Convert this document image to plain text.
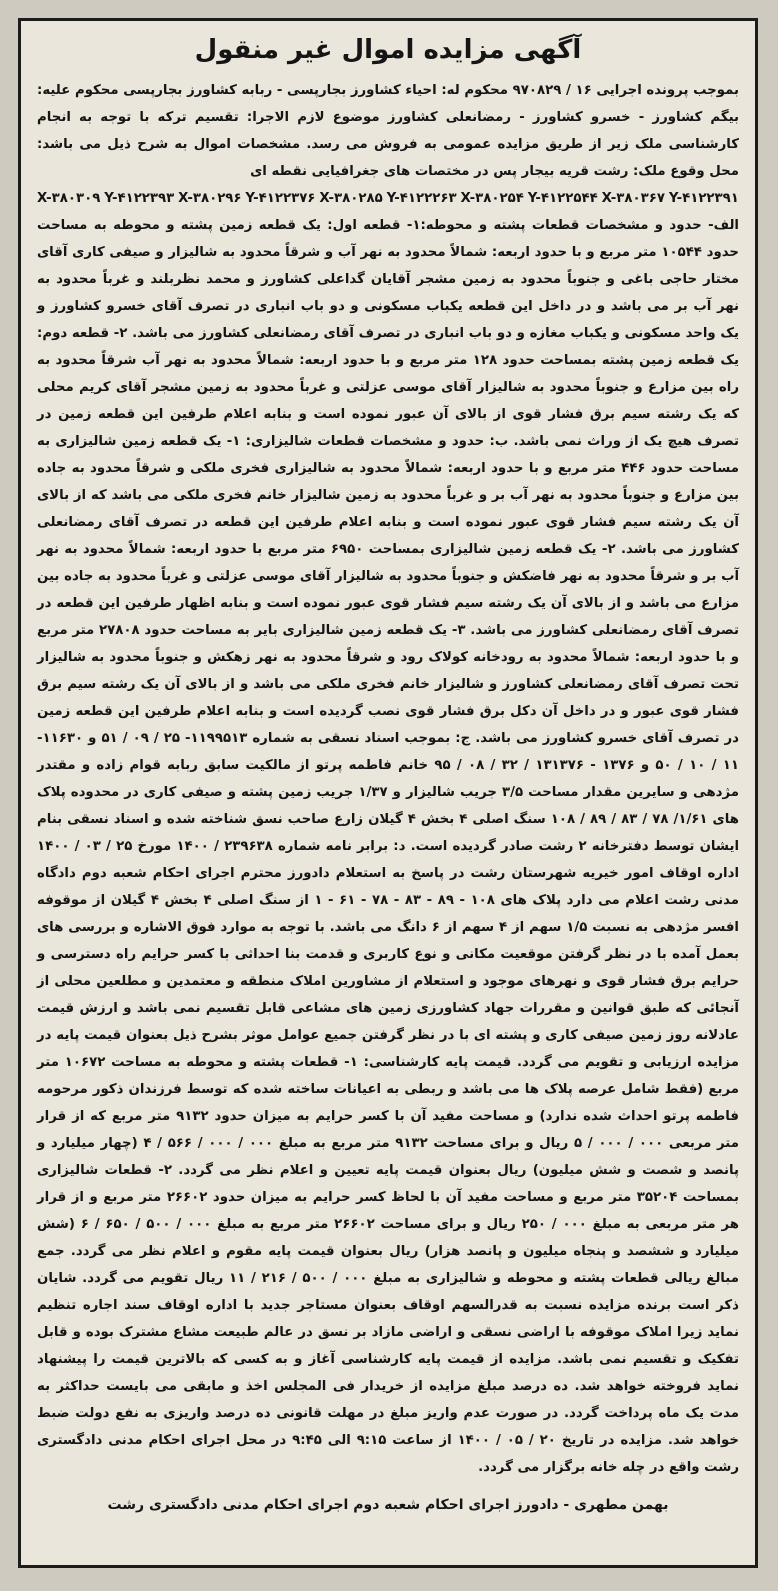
آگهی مزایده اموال غیر منقول

بموجب پرونده اجرایی ۱۶ / ۹۷۰۸۲۹ محکوم له: احیاء کشاورز بجارپسی - ربابه کشاورز بجارپسی محکوم علیه: بیگم کشاورز - خسرو کشاورز - رمضانعلی کشاورز موضوع لازم الاجرا: تقسیم ترکه با توجه به انجام کارشناسی ملک زیر از طریق مزایده عمومی به فروش می رسد. مشخصات اموال به شرح ذیل می باشد: محل وقوع ملک: رشت قریه بیجار پس در مختصات های جغرافیایی نقطه ای

X-۳۸۰۳۰۹ Y-۴۱۲۲۳۹۳ X-۳۸۰۲۹۶ Y-۴۱۲۲۳۷۶ X-۳۸۰۲۸۵ Y-۴۱۲۲۲۶۳ X-۳۸۰۲۵۴ Y-۴۱۲۲۵۴۴ X-۳۸۰۳۶۷ Y-۴۱۲۲۳۹۱

الف- حدود و مشخصات قطعات پشته و محوطه:۱- قطعه اول: یک قطعه زمین پشته و محوطه به مساحت حدود ۱۰۵۴۴ متر مربع و با حدود اربعه: شمالاً محدود به نهر آب و شرقاً محدود به شالیزار و صیفی کاری آقای مختار حاجی باغی و جنوباً محدود به زمین مشجر آقایان گداعلی کشاورز و محمد نظربلند و غرباً محدود به نهر آب بر می باشد و در داخل این قطعه یکباب مسکونی و دو باب انباری در تصرف آقای خسرو کشاورز و یک واحد مسکونی و یکباب مغازه و دو باب انباری در تصرف آقای رمضانعلی کشاورز می باشد. ۲- قطعه دوم: یک قطعه زمین پشته بمساحت حدود ۱۲۸ متر مربع و با حدود اربعه: شمالاً محدود به نهر آب شرقاً محدود به راه بین مزارع و جنوباً محدود به شالیزار آقای موسی عزلتی و غرباً محدود به زمین مشجر آقای کریم محلی که یک رشته سیم برق فشار قوی از بالای آن عبور نموده است و بنابه اعلام طرفین این قطعه زمین در تصرف هیچ یک از وراث نمی باشد. ب: حدود و مشخصات قطعات شالیزاری: ۱- یک قطعه زمین شالیزاری به مساحت حدود ۴۴۶ متر مربع و با حدود اربعه: شمالاً محدود به شالیزاری فخری ملکی و شرقاً محدود به جاده بین مزارع و جنوباً محدود به نهر آب بر و غرباً محدود به زمین شالیزار خانم فخری ملکی می باشد که از بالای آن یک رشته سیم فشار قوی عبور نموده است و بنابه اعلام طرفین این قطعه در تصرف آقای رمضانعلی کشاورز می باشد. ۲- یک قطعه زمین شالیزاری بمساحت ۶۹۵۰ متر مربع با حدود اربعه: شمالاً محدود به نهر آب بر و شرقاً محدود به نهر فاضکش و جنوباً محدود به شالیزار آقای موسی عزلتی و غرباً محدود به جاده بین مزارع می باشد و از بالای آن یک رشته سیم فشار قوی عبور نموده است و بنابه اظهار طرفین این قطعه در تصرف آقای رمضانعلی کشاورز می باشد. ۳- یک قطعه زمین شالیزاری بایر به مساحت حدود ۲۷۸۰۸ متر مربع و با حدود اربعه: شمالاً محدود به رودخانه کولاک رود و شرقاً محدود به نهر زهکش و جنوباً محدود به شالیزار تحت تصرف آقای رمضانعلی کشاورز و شالیزار خانم فخری ملکی می باشد و از بالای آن یک رشته سیم برق فشار قوی عبور و در داخل آن دکل برق فشار قوی نصب گردیده است و بنابه اعلام طرفین این قطعه زمین در تصرف آقای خسرو کشاورز می باشد. ج: بموجب اسناد نسقی به شماره ۱۱۹۹۵۱۳- ۲۵ / ۰۹ / ۵۱ و ۱۱۶۳۰- ۱۱ / ۱۰ / ۵۰ و ۱۳۷۶ - ۱۳۱۳۷۶ / ۳۲ / ۰۸ / ۹۵ خانم فاطمه پرتو از مالکیت سابق ربابه قوام زاده و مقتدر مژدهی و سایرین مقدار مساحت ۳/۵ جریب شالیزار و ۱/۳۷ جریب زمین پشته و صیفی کاری در محدوده پلاک های ۱/۶۱/ ۷۸ / ۸۳ / ۸۹ / ۱۰۸ سنگ اصلی ۴ بخش ۴ گیلان زارع صاحب نسق شناخته شده و اسناد نسقی بنام ایشان توسط دفترخانه ۲ رشت صادر گردیده است. د: برابر نامه شماره ۲۳۹۶۳۸ / ۱۴۰۰ مورخ ۲۵ / ۰۳ / ۱۴۰۰ اداره اوقاف امور خیریه شهرستان رشت در پاسخ به استعلام دادورز محترم اجرای احکام شعبه دوم دادگاه مدنی رشت اعلام می دارد پلاک های ۱۰۸ - ۸۹ - ۸۳ - ۷۸ - ۶۱ - ۱ از سنگ اصلی ۴ بخش ۴ گیلان از موقوفه افسر مژدهی به نسبت ۱/۵ سهم از ۴ سهم از ۶ دانگ می باشد. با توجه به موارد فوق الاشاره و بررسی های بعمل آمده با در نظر گرفتن موقعیت مکانی و نوع کاربری و قدمت بنا احداثی با کسر حرایم راه دسترسی و حرایم برق فشار قوی و نهرهای موجود و استعلام از مشاورین املاک منطقه و معتمدین و مطلعین محلی از آنجائی که طبق قوانین و مقررات جهاد کشاورزی زمین های مشاعی قابل تقسیم نمی باشد و ارزش قیمت عادلانه روز زمین صیفی کاری و پشته ای با در نظر گرفتن جمیع عوامل موثر بشرح ذیل بعنوان قیمت پایه در مزایده ارزیابی و تقویم می گردد. قیمت پایه کارشناسی: ۱- قطعات پشته و محوطه به مساحت ۱۰۶۷۲ متر مربع (فقط شامل عرصه پلاک ها می باشد و ربطی به اعیانات ساخته شده که توسط فرزندان ذکور مرحومه فاطمه پرتو احداث شده ندارد) و مساحت مفید آن با کسر حرایم به میزان حدود ۹۱۳۲ متر مربع که از قرار متر مربعی ۰۰۰ / ۰۰۰ / ۵ ریال و برای مساحت ۹۱۳۲ متر مربع به مبلغ ۰۰۰ / ۰۰۰ / ۵۶۶ / ۴ (چهار میلیارد و پانصد و شصت و شش میلیون) ریال بعنوان قیمت پایه تعیین و اعلام نظر می گردد. ۲- قطعات شالیزاری بمساحت ۳۵۲۰۴ متر مربع و مساحت مفید آن با لحاظ کسر حرایم به میزان حدود ۲۶۶۰۲ متر مربع و از قرار هر متر مربعی به مبلغ ۰۰۰ / ۲۵۰ ریال و برای مساحت ۲۶۶۰۲ متر مربع به مبلغ ۰۰۰ / ۵۰۰ / ۶۵۰ / ۶ (شش میلیارد و ششصد و پنجاه میلیون و پانصد هزار) ریال بعنوان قیمت پایه مقوم و اعلام نظر می گردد. جمع مبالغ ریالی قطعات پشته و محوطه و شالیزاری به مبلغ ۰۰۰ / ۵۰۰ / ۲۱۶ / ۱۱ ریال تقویم می گردد. شایان ذکر است برنده مزایده نسبت به قدرالسهم اوقاف بعنوان مستاجر جدید با اداره اوقاف سند اجاره تنظیم نماید زیرا املاک موقوفه با اراضی نسقی و اراضی مازاد بر نسق در عالم طبیعت مشاع مشترک بوده و قابل تفکیک و تقسیم نمی باشد. مزایده از قیمت پایه کارشناسی آغاز و به کسی که بالاترین قیمت را پیشنهاد نماید فروخته خواهد شد. ده درصد مبلغ مزایده از خریدار فی المجلس اخذ و مابقی می بایست حداکثر به مدت یک ماه پرداخت گردد. در صورت عدم واریز مبلغ در مهلت قانونی ده درصد واریزی به نفع دولت ضبط خواهد شد. مزایده در تاریخ ۲۰ / ۰۵ / ۱۴۰۰ از ساعت ۹:۱۵ الی ۹:۴۵ در محل اجرای احکام مدنی دادگستری رشت واقع در چله خانه برگزار می گردد.

بهمن مطهری - دادورز اجرای احکام شعبه دوم اجرای احکام مدنی دادگستری رشت
